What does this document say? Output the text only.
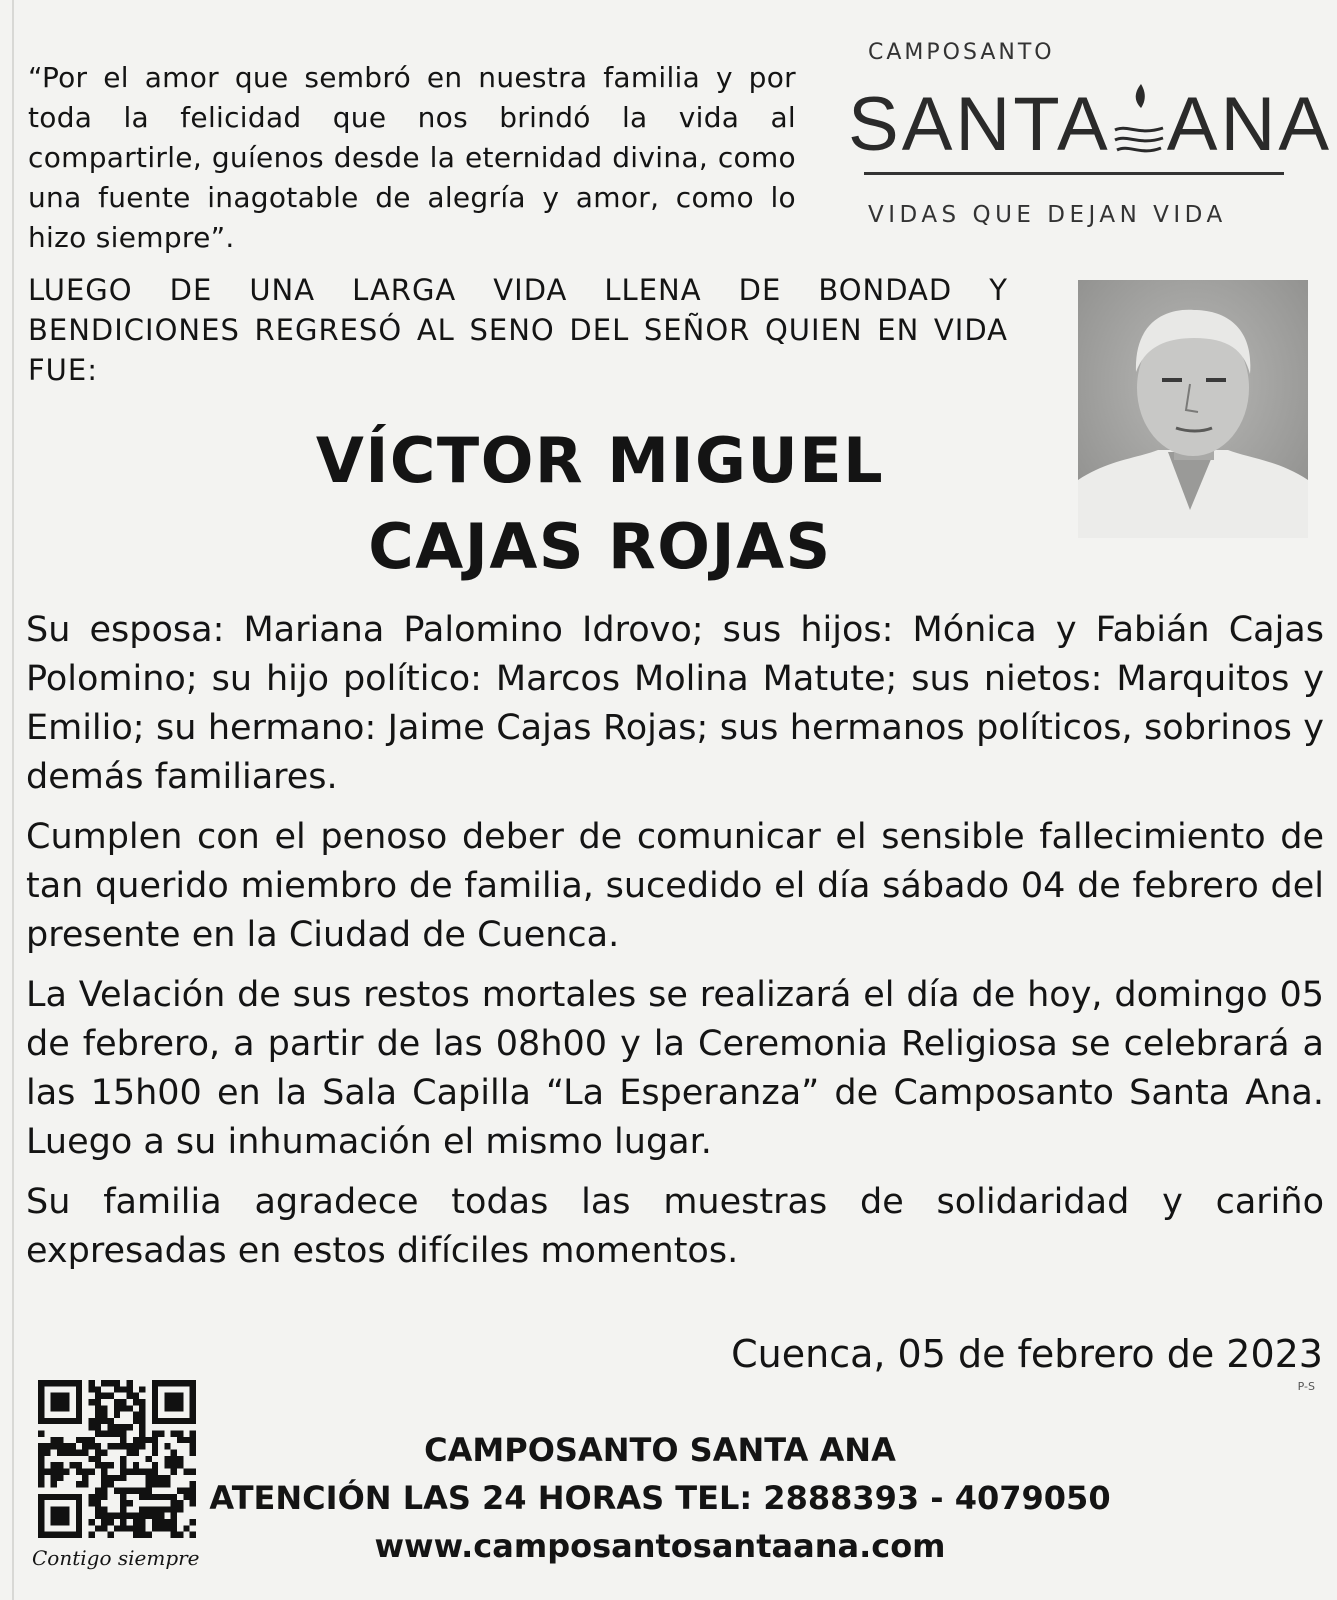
“Por el amor que sembró en nuestra familia y por toda la felicidad que nos brindó la vida al compartirle, guíenos desde la eternidad divina, como una fuente inagotable de alegría y amor, como lo hizo siempre”.

CAMPOSANTO
SANTA ANA
VIDAS QUE DEJAN VIDA

LUEGO DE UNA LARGA VIDA LLENA DE BONDAD Y BENDICIONES REGRESÓ AL SENO DEL SEÑOR QUIEN EN VIDA FUE:

VÍCTOR MIGUEL
CAJAS ROJAS

Su esposa: Mariana Palomino Idrovo; sus hijos: Mónica y Fabián Cajas Polomino; su hijo político: Marcos Molina Matute; sus nietos: Marquitos y Emilio; su hermano: Jaime Cajas Rojas; sus hermanos políticos, sobrinos y demás familiares.

Cumplen con el penoso deber de comunicar el sensible fallecimiento de tan querido miembro de familia, sucedido el día sábado 04 de febrero del presente en la Ciudad de Cuenca.

La Velación de sus restos mortales se realizará el día de hoy, domingo 05 de febrero, a partir de las 08h00 y la Ceremonia Religiosa se celebrará a las 15h00 en la Sala Capilla “La Esperanza” de Camposanto Santa Ana. Luego a su inhumación el mismo lugar.

Su familia agradece todas las muestras de solidaridad y cariño expresadas en estos difíciles momentos.

Cuenca, 05 de febrero de 2023

P-S
Contigo siempre
CAMPOSANTO SANTA ANA
ATENCIÓN LAS 24 HORAS TEL: 2888393 - 4079050
www.camposantosantaana.com
